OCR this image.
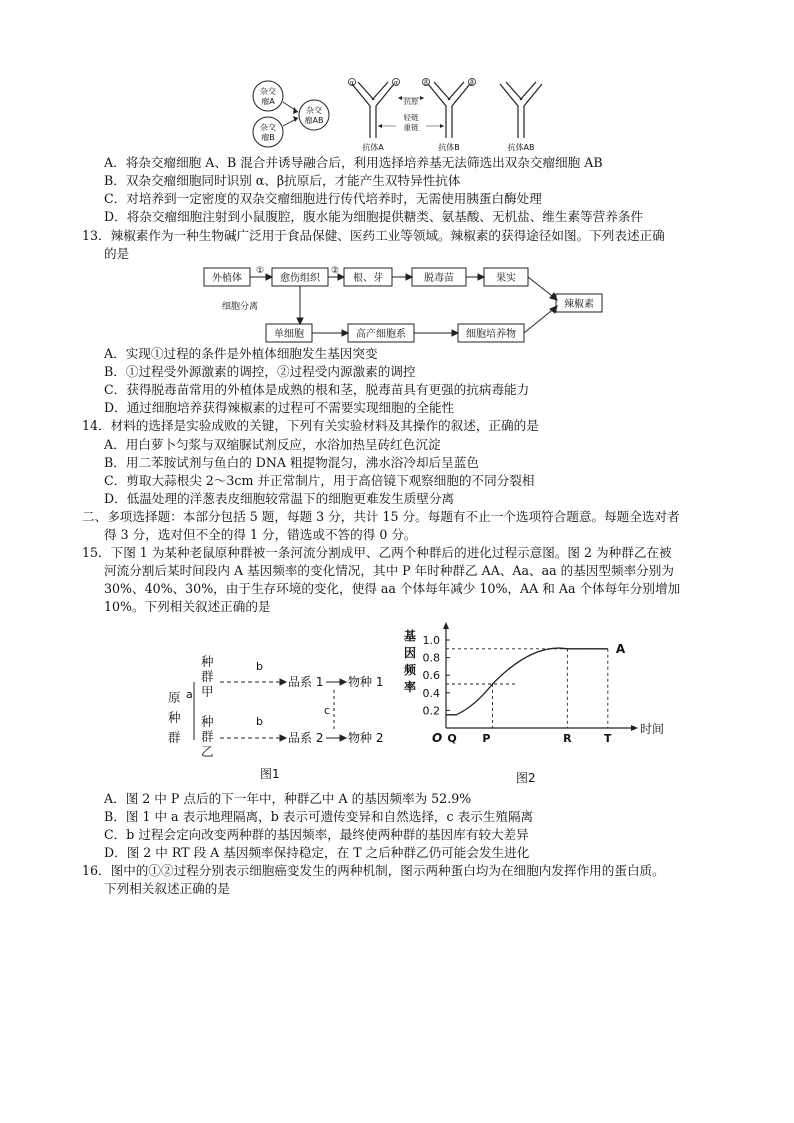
杂交
瘤A
杂交
瘤B
杂交
瘤AB
α	α	β	β
抗原
轻链
重链
抗体A	抗体B	抗体AB
A．将杂交瘤细胞 A、B 混合并诱导融合后，利用选择培养基无法筛选出双杂交瘤细胞 AB
B．双杂交瘤细胞同时识别 α、β抗原后，才能产生双特异性抗体
C．对培养到一定密度的双杂交瘤细胞进行传代培养时，无需使用胰蛋白酶处理
D．将杂交瘤细胞注射到小鼠腹腔，腹水能为细胞提供糖类、氨基酸、无机盐、维生素等营养条件
13．辣椒素作为一种生物碱广泛用于食品保健、医药工业等领域。辣椒素的获得途径如图。下列表述正确
的是
外植体	愈伤组织	根、芽	脱毒苗	果实
辣椒素
单细胞	高产细胞系	细胞培养物
细胞分离
①	②
A．实现①过程的条件是外植体细胞发生基因突变
B．①过程受外源激素的调控，②过程受内源激素的调控
C．获得脱毒苗常用的外植体是成熟的根和茎，脱毒苗具有更强的抗病毒能力
D．通过细胞培养获得辣椒素的过程可不需要实现细胞的全能性
14．材料的选择是实验成败的关键，下列有关实验材料及其操作的叙述，正确的是
A．用白萝卜匀浆与双缩脲试剂反应，水浴加热呈砖红色沉淀
B．用二苯胺试剂与鱼白的 DNA 粗提物混匀，沸水浴冷却后呈蓝色
C．剪取大蒜根尖 2～3cm 并正常制片，用于高倍镜下观察细胞的不同分裂相
D．低温处理的洋葱表皮细胞较常温下的细胞更难发生质壁分离
二、多项选择题：本部分包括 5 题，每题 3 分，共计 15 分。每题有不止一个选项符合题意。每题全选对者
得 3 分，选对但不全的得 1 分，错选或不答的得 0 分。
15．下图 1 为某种老鼠原种群被一条河流分割成甲、乙两个种群后的进化过程示意图。图 2 为种群乙在被
河流分割后某时间段内 A 基因频率的变化情况，其中 P 年时种群乙 AA、Aa、aa 的基因型频率分别为
30%、40%、30%，由于生存环境的变化，使得 aa 个体每年减少 10%，AA 和 Aa 个体每年分别增加
10%。下列相关叙述正确的是
原
种
群
种
群
甲
种
群
乙
a
b
b
c
品系 1
品系 2
物种 1
物种 2
图1
O
0.2
0.4
0.6
0.8
1.0
基
因
频
率
时间
Q P	R	T
A
图2
A．图 2 中 P 点后的下一年中，种群乙中 A 的基因频率为 52.9%
B．图 1 中 a 表示地理隔离，b 表示可遗传变异和自然选择，c 表示生殖隔离
C．b 过程会定向改变两种群的基因频率，最终使两种群的基因库有较大差异
D．图 2 中 RT 段 A 基因频率保持稳定，在 T 之后种群乙仍可能会发生进化
16．图中的①②过程分别表示细胞癌变发生的两种机制，图示两种蛋白均为在细胞内发挥作用的蛋白质。
下列相关叙述正确的是
